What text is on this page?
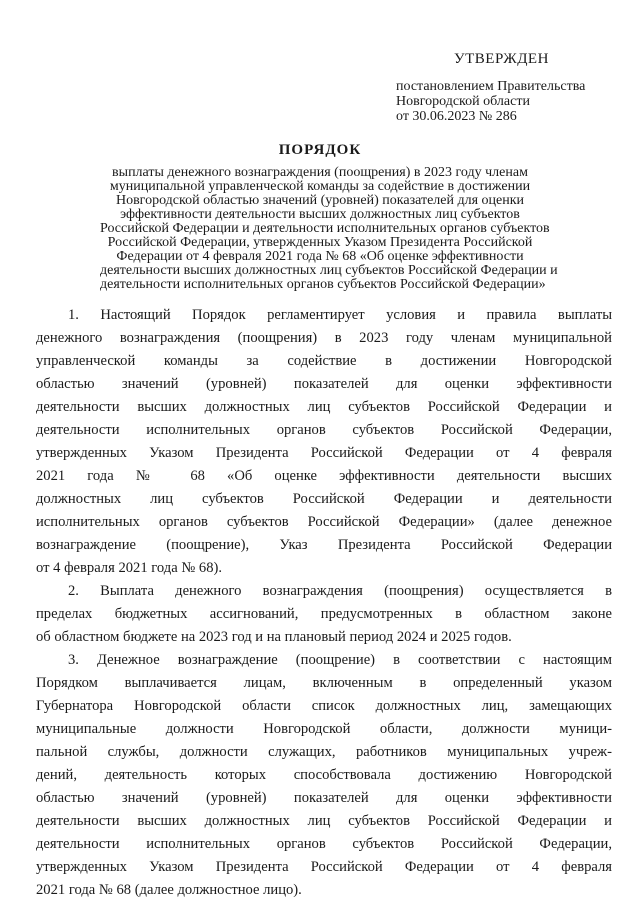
УТВЕРЖДЕН
постановлением Правительства
Новгородской области
от 30.06.2023 № 286
ПОРЯДОК
выплаты денежного вознаграждения (поощрения) в 2023 году членам
муниципальной управленческой команды за содействие в достижении
Новгородской областью значений (уровней) показателей для оценки
эффективности деятельности высших должностных лиц субъектов
Российской Федерации и деятельности исполнительных органов субъектов
Российской Федерации, утвержденных Указом Президента Российской
Федерации от 4 февраля 2021 года № 68 «Об оценке эффективности
деятельности высших должностных лиц субъектов Российской Федерации и
деятельности исполнительных органов субъектов Российской Федерации»
1. Настоящий Порядок регламентирует условия и правила выплаты
денежного вознаграждения (поощрения) в 2023 году членам муниципальной
управленческой команды за содействие в достижении Новгородской
областью значений (уровней) показателей для оценки эффективности
деятельности высших должностных лиц субъектов Российской Федерации и
деятельности исполнительных органов субъектов Российской Федерации,
утвержденных Указом Президента Российской Федерации от 4 февраля
2021 года № 68 «Об оценке эффективности деятельности высших
должностных лиц субъектов Российской Федерации и деятельности
исполнительных органов субъектов Российской Федерации» (далее денежное
вознаграждение (поощрение), Указ Президента Российской Федерации
от 4 февраля 2021 года № 68).
2. Выплата денежного вознаграждения (поощрения) осуществляется в
пределах бюджетных ассигнований, предусмотренных в областном законе
об областном бюджете на 2023 год и на плановый период 2024 и 2025 годов.
3. Денежное вознаграждение (поощрение) в соответствии с настоящим
Порядком выплачивается лицам, включенным в определенный указом
Губернатора Новгородской области список должностных лиц, замещающих
муниципальные должности Новгородской области, должности муници-
пальной службы, должности служащих, работников муниципальных учреж-
дений, деятельность которых способствовала достижению Новгородской
областью значений (уровней) показателей для оценки эффективности
деятельности высших должностных лиц субъектов Российской Федерации и
деятельности исполнительных органов субъектов Российской Федерации,
утвержденных Указом Президента Российской Федерации от 4 февраля
2021 года № 68 (далее должностное лицо).
